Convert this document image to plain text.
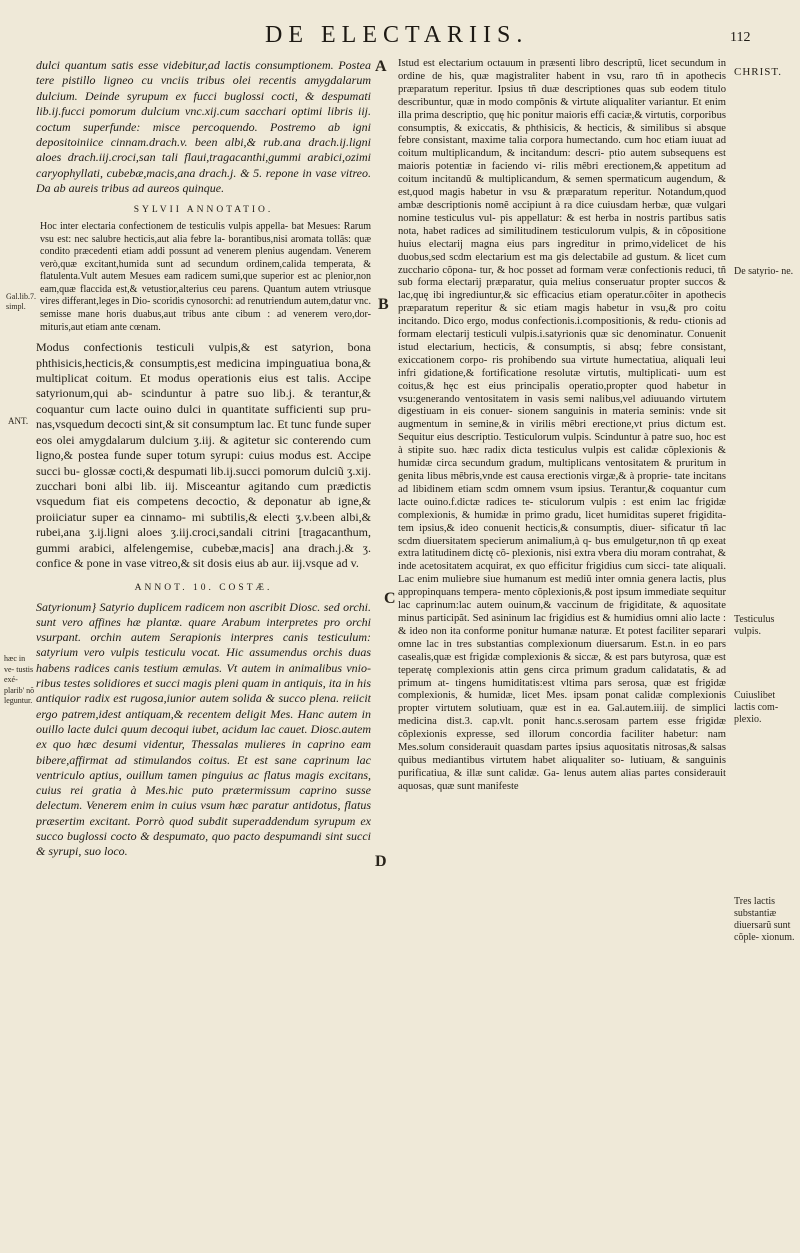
DE ELECTARIIS.	112

dulci quantum satis esse videbitur,ad lactis consumptionem. Postea tere pistillo ligneo cu vnciis tribus olei recentis amygdalarum dulcium. Deinde syrupum ex fucci buglossi cocti, & despumati lib.ij.fucci pomorum dulcium vnc.xij.cum sacchari optimi libris iij. coctum superfunde: misce percoquendo. Postremo ab igni depositoiniice cinnam.drach.v. been albi,& rub.ana drach.ij.ligni aloes drach.iij.croci,san tali flaui,tragacanthi,gummi arabici,ozimi caryophyllati, cubebæ,macis,ana drach.j. & 5. repone in vase vitreo. Da ab aureis tribus ad aureos quinque.

SYLVII ANNOTATIO.

Hoc inter electaria confectionem de testiculis vulpis appella- bat Mesues: Rarum vsu est: nec salubre hecticis,aut alia febre la- borantibus,nisi aromata tollãs: quæ condito præcedenti etiam addi possunt ad venerem plenius augendam. Venerem verò,quæ excitant,humida sunt ad secundum ordinem,calida temperata, & flatulenta.Vult autem Mesues eam radicem sumi,que superior est ac plenior,non eam,quæ flaccida est,& vetustior,alterius ceu parens. Quantum autem vtriusque vires differant,leges in Dio- scoridis cynosorchi: ad renutriendum autem,datur vnc. semisse mane horis duabus,aut tribus ante cibum : ad venerem vero,dor- mituris,aut etiam ante cœnam.

Modus confectionis testiculi vulpis,& est satyrion, bona phthisicis,hecticis,& consumptis,est medicina impinguatiua bona,& multiplicat coitum. Et modus operationis eius est talis. Accipe satyrionum,qui ab- scinduntur à patre suo lib.j. & terantur,& coquantur cum lacte ouino dulci in quantitate sufficienti sup pru- nas,vsquedum decocti sint,& sit consumptum lac. Et tunc funde super eos olei amygdalarum dulcium ʒ.iij. & agitetur sic conterendo cum ligno,& postea funde super totum syrupi: cuius modus est. Accipe succi bu- glossæ cocti,& despumati lib.ij.succi pomorum dulciũ ʒ.xij. zucchari boni albi lib. iij. Misceantur agitando cum prædictis vsquedum fiat eis competens decoctio, & deponatur ab igne,& proiiciatur super ea cinnamo- mi subtilis,& electi ʒ.v.been albi,& rubei,ana ʒ.ij.ligni aloes ʒ.iij.croci,sandali citrini [tragacanthum, gummi arabici, alfelengemise, cubebæ,macis] ana drach.j.& ʒ. confice & pone in vase vitreo,& sit dosis eius ab aur. iij.vsque ad v.

ANNOT. 10. COSTÆ.

Satyrionum} Satyrio duplicem radicem non ascribit Diosc. sed orchi. sunt vero affines hæ plantæ. quare Arabum interpretes pro orchi vsurpant. orchin autem Serapionis interpres canis testiculum: satyrium vero vulpis testiculu vocat. Hic assumendus orchis duas habens radices canis testium æmulas. Vt autem in animalibus vnio- ribus testes solidiores et succi magis pleni quam in antiquis, ita in his antiquior radix est rugosa,iunior autem solida & succo plena. reiicit ergo patrem,idest antiquam,& recentem deligit Mes. Hanc autem in ouillo lacte dulci quum decoqui iubet, acidum lac cauet. Diosc.autem ex quo hæc desumi videntur, Thessalas mulieres in caprino eam bibere,affirmat ad stimulandos coitus. Et est sane caprinum lac ventriculo aptius, ouillum tamen pinguius ac flatus magis excitans, cuius rei gratia à Mes.hic puto prætermissum caprino susse delectum. Venerem enim in cuius vsum hæc paratur antidotus, flatus præsertim excitant. Porrò quod subdit superaddendum syrupum ex succo buglossi cocto & despumato, quo pacto despumandi sint succi & syrupi, suo loco.

A
B
C
D

Istud est electarium octauum in præsenti libro descriptũ, licet secundum in ordine de his, quæ magistraliter habent in vsu, raro tñ in apothecis præparatum reperitur. Ipsius tñ duæ descriptiones quas sub eodem titulo describuntur, quæ in modo compõnis & virtute aliqualiter variantur. Et enim illa prima descriptio, quę hic ponitur maioris effi caciæ,& virtutis, corporibus consumptis, & exiccatis, & phthisicis, & hecticis, & similibus si absque febre consistant, maxime talia corpora humectando. cum hoc etiam iuuat ad coitum multiplicandum, & incitandum: descri- ptio autem subsequens est maioris potentiæ in faciendo vi- rilis mẽbri erectionem,& appetitum ad coitum incitandũ & multiplicandum, & semen spermaticum augendum, & est,quod magis habetur in vsu & præparatum reperitur. Notandum,quod ambæ descriptionis nomẽ accipiunt à ra dice cuiusdam herbæ, quæ vulgari nomine testiculus vul- pis appellatur: & est herba in nostris partibus satis nota, habet radices ad similitudinem testiculorum vulpis, & in cõpositione huius electarij magna eius pars ingreditur in primo,videlicet de his duobus,sed scdm electarium est ma gis delectabile ad gustum. & licet cum zucchario cõpona- tur, & hoc posset ad formam veræ confectionis reduci, tñ sub forma electarij præparatur, quia melius conseruatur propter succos & lac,quę ibi ingrediuntur,& sic efficacius etiam operatur.cõiter in apothecis præparatum reperitur & sic etiam magis habetur in vsu,& pro coitu incitando. Dico ergo, modus confectionis.i.compositionis, & redu- ctionis ad formam electarij testiculi vulpis.i.satyrionis quæ sic denominatur. Conuenit istud electarium, hecticis, & consumptis, si absq; febre consistant, exiccationem corpo- ris prohibendo sua virtute humectatiua, aliquali leui infri gidatione,& fortificatione resolutæ virtutis, multiplicati- uum est coitus,& hęc est eius principalis operatio,propter quod habetur in vsu:generando ventositatem in vasis semi nalibus,vel adiuuando virtutem digestiuam in eis conuer- sionem sanguinis in materia seminis: vnde sit augmentum in semine,& in virilis mẽbri erectione,vt prius dictum est. Sequitur eius descriptio. Testiculorum vulpis. Scinduntur à patre suo, hoc est à stipite suo. hæc radix dicta testiculus vulpis est calidæ cõplexionis & humidæ circa secundum gradum, multiplicans ventositatem & pruritum in genita libus mẽbris,vnde est causa erectionis virgæ,& à proprie- tate incitans ad libidinem etiam scdm omnem vsum ipsius. Terantur,& coquantur cum lacte ouino.f.dictæ radices te- sticulorum vulpis : est enim lac frigidæ complexionis, & humidæ in primo gradu, licet humiditas superet frigidita- tem ipsius,& ideo conuenit hecticis,& consumptis, diuer- sificatur tñ lac scdm diuersitatem specierum animalium,à q- bus emulgetur,non tñ qp exeat extra latitudinem dictę cõ- plexionis, nisi extra vbera diu moram contrahat, & inde acetositatem acquirat, ex quo efficitur frigidius cum sicci- tate aliquali. Lac enim muliebre siue humanum est mediũ inter omnia genera lactis, plus appropinquans tempera- mento cõplexionis,& post ipsum immediate sequitur lac caprinum:lac autem ouinum,& vaccinum de frigiditate, & aquositate minus participãt. Sed asininum lac frigidius est & humidius omni alio lacte : & ideo non ita conforme ponitur humanæ naturæ. Et potest faciliter separari omne lac in tres substantias complexionum diuersarum. Est.n. in eo pars casealis,quæ est frigidæ complexionis & siccæ, & est pars butyrosa, quæ est teperatę complexionis attin gens circa primum gradum calidatatis, & ad primum at- tingens humiditatis:est vltima pars serosa, quæ est frigidæ complexionis, & humidæ, licet Mes. ipsam ponat calidæ complexionis propter virtutem solutiuam, quæ est in ea. Gal.autem.iiij. de simplici medicina dist.3. cap.vlt. ponit hanc.s.serosam partem esse frigidæ cõplexionis expresse, sed illorum concordia faciliter habetur: nam Mes.solum considerauit quasdam partes ipsius aquositatis nitrosas,& salsas quibus mediantibus virtutem habet aliqualiter so- lutiuam, & sanguinis purificatiua, & illæ sunt calidæ. Ga- lenus autem alias partes considerauit aquosas, quæ sunt manifeste

CHRIST.
Gal.lib.7. simpl.
ANT.
hæc in ve- tustis exé- plarib' nõ leguntur.
De satyrio- ne.
Testiculus vulpis.
Cuiuslibet lactis com- plexio.
Tres lactis substantiæ diuersarũ sunt cõple- xionum.
